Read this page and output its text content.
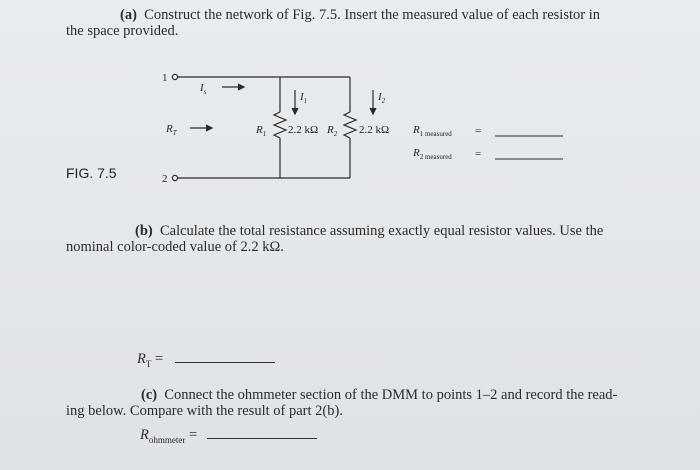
(a) Construct the network of Fig. 7.5. Insert the measured value of each resistor in
the space provided.
FIG. 7.5
1
2
$I_s$
$R_T$
$I_1$	$I_2$
$R_1$ 2.2 kΩ $R_2$ 2.2 kΩ $R_{1 measured}$ =
$R_{2 measured}$ =
(b) Calculate the total resistance assuming exactly equal resistor values. Use the
nominal color-coded value of 2.2 kΩ.
$R_T$ =
(c) Connect the ohmmeter section of the DMM to points 1–2 and record the read-
ing below. Compare with the result of part 2(b).
$R_{ohmmeter}$ =
